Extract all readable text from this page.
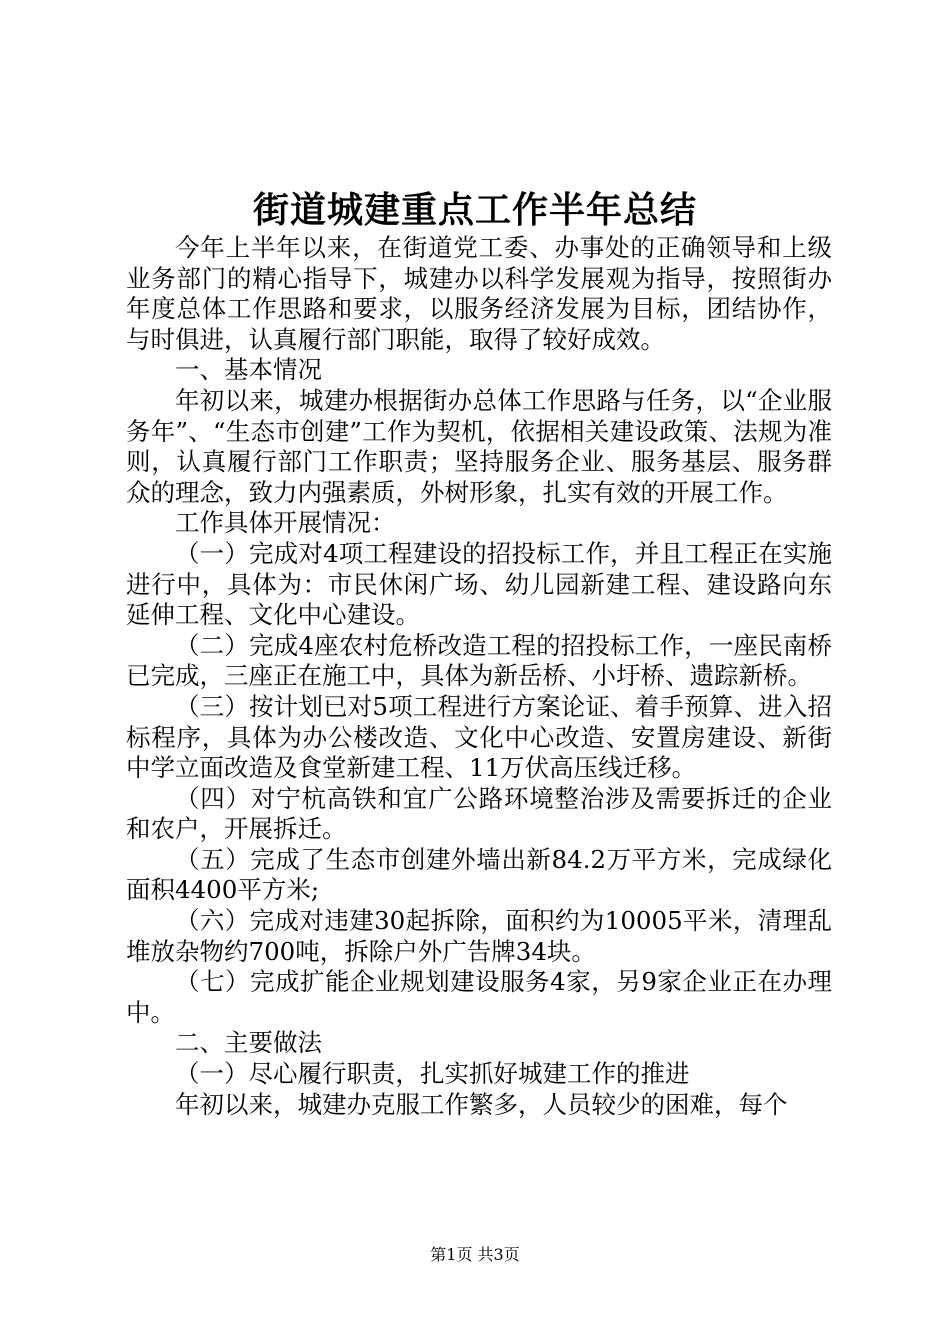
街道城建重点工作半年总结

今年上半年以来，在街道党工委、办事处的正确领导和上级业务部门的精心指导下，城建办以科学发展观为指导，按照街办年度总体工作思路和要求，以服务经济发展为目标，团结协作，与时俱进，认真履行部门职能，取得了较好成效。

一、基本情况

年初以来，城建办根据街办总体工作思路与任务，以“企业服务年”、“生态市创建”工作为契机，依据相关建设政策、法规为准则，认真履行部门工作职责；坚持服务企业、服务基层、服务群众的理念，致力内强素质，外树形象，扎实有效的开展工作。

工作具体开展情况：

（一）完成对4项工程建设的招投标工作，并且工程正在实施进行中，具体为：市民休闲广场、幼儿园新建工程、建设路向东延伸工程、文化中心建设。

（二）完成4座农村危桥改造工程的招投标工作，一座民南桥已完成，三座正在施工中，具体为新岳桥、小圩桥、遗踪新桥。

（三）按计划已对5项工程进行方案论证、着手预算、进入招标程序，具体为办公楼改造、文化中心改造、安置房建设、新街中学立面改造及食堂新建工程、11万伏高压线迁移。

（四）对宁杭高铁和宜广公路环境整治涉及需要拆迁的企业和农户，开展拆迁。

（五）完成了生态市创建外墙出新84.2万平方米，完成绿化面积4400平方米;

（六）完成对违建30起拆除，面积约为10005平米，清理乱堆放杂物约700吨，拆除户外广告牌34块。

（七）完成扩能企业规划建设服务4家，另9家企业正在办理中。

二、主要做法

（一）尽心履行职责，扎实抓好城建工作的推进

年初以来，城建办克服工作繁多，人员较少的困难，每个

第1页 共3页
